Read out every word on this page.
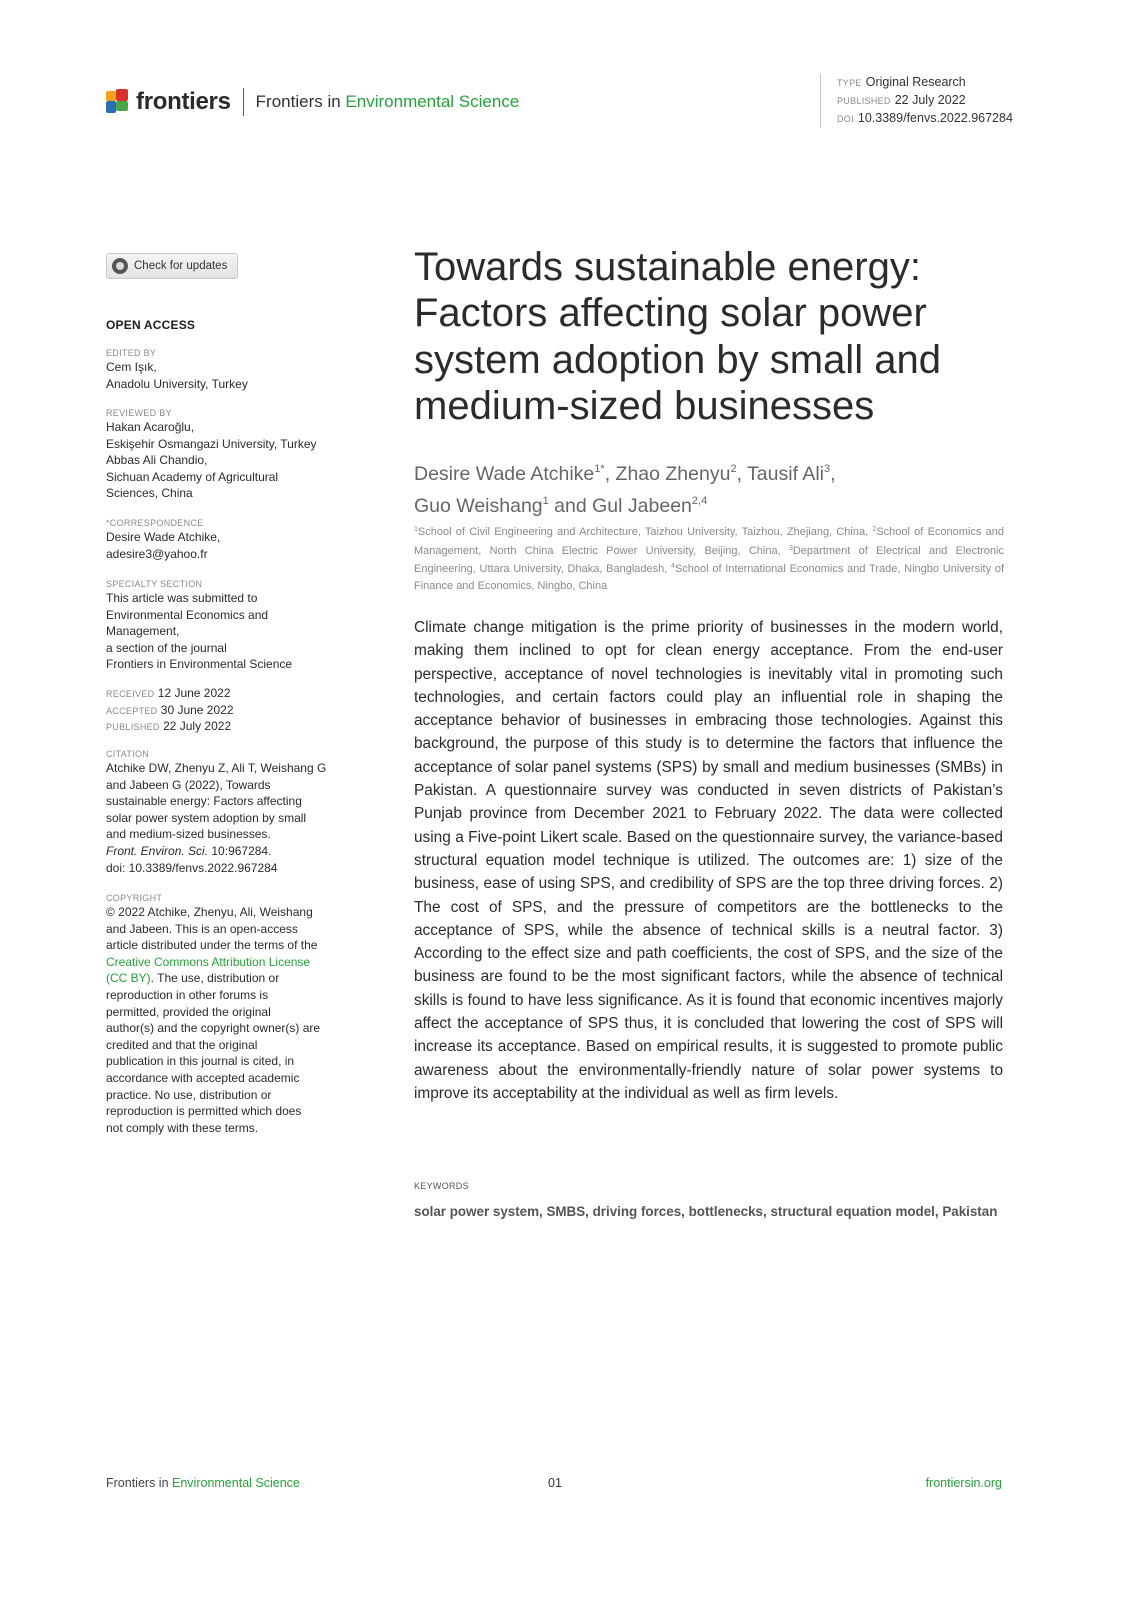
frontiers Frontiers in Environmental Science
TYPE Original Research
PUBLISHED 22 July 2022
DOI 10.3389/fenvs.2022.967284
Check for updates
OPEN ACCESS
EDITED BY

Cem Işık,

Anadolu University, Turkey

REVIEWED BY

Hakan Acaroğlu,

Eskişehir Osmangazi University, Turkey

Abbas Ali Chandio,

Sichuan Academy of Agricultural

Sciences, China

*CORRESPONDENCE

Desire Wade Atchike,

adesire3@yahoo.fr

SPECIALTY SECTION

This article was submitted to

Environmental Economics and

Management,

a section of the journal

Frontiers in Environmental Science

RECEIVED 12 June 2022

ACCEPTED 30 June 2022

PUBLISHED 22 July 2022

CITATION

Atchike DW, Zhenyu Z, Ali T, Weishang G

and Jabeen G (2022), Towards

sustainable energy: Factors affecting

solar power system adoption by small

and medium-sized businesses.

Front. Environ. Sci. 10:967284.

doi: 10.3389/fenvs.2022.967284

COPYRIGHT

© 2022 Atchike, Zhenyu, Ali, Weishang

and Jabeen. This is an open-access

article distributed under the terms of the

Creative Commons Attribution License

(CC BY). The use, distribution or

reproduction in other forums is

permitted, provided the original

author(s) and the copyright owner(s) are

credited and that the original

publication in this journal is cited, in

accordance with accepted academic

practice. No use, distribution or

reproduction is permitted which does

not comply with these terms.

Towards sustainable energy:
Factors affecting solar power
system adoption by small and
medium-sized businesses
Desire Wade Atchike$^{1*}$, Zhao Zhenyu$^2$, Tausif Ali$^3$,
Guo Weishang$^1$ and Gul Jabeen$^{2,4}$
$^1$School of Civil Engineering and Architecture, Taizhou University, Taizhou, Zhejiang, China, $^2$School of Economics and Management, North China Electric Power University, Beijing, China, $^3$Department of Electrical and Electronic Engineering, Uttara University, Dhaka, Bangladesh, $^4$School of International Economics and Trade, Ningbo University of Finance and Economics, Ningbo, China

Climate change mitigation is the prime priority of businesses in the modern world, making them inclined to opt for clean energy acceptance. From the end-user perspective, acceptance of novel technologies is inevitably vital in promoting such technologies, and certain factors could play an influential role in shaping the acceptance behavior of businesses in embracing those technologies. Against this background, the purpose of this study is to determine the factors that influence the acceptance of solar panel systems (SPS) by small and medium businesses (SMBs) in Pakistan. A questionnaire survey was conducted in seven districts of Pakistan’s Punjab province from December 2021 to February 2022. The data were collected using a Five-point Likert scale. Based on the questionnaire survey, the variance-based structural equation model technique is utilized. The outcomes are: 1) size of the business, ease of using SPS, and credibility of SPS are the top three driving forces. 2) The cost of SPS, and the pressure of competitors are the bottlenecks to the acceptance of SPS, while the absence of technical skills is a neutral factor. 3) According to the effect size and path coefficients, the cost of SPS, and the size of the business are found to be the most significant factors, while the absence of technical skills is found to have less significance. As it is found that economic incentives majorly affect the acceptance of SPS thus, it is concluded that lowering the cost of SPS will increase its acceptance. Based on empirical results, it is suggested to promote public awareness about the environmentally-friendly nature of solar power systems to improve its acceptability at the individual as well as firm levels.

KEYWORDS
solar power system, SMBS, driving forces, bottlenecks, structural equation model, Pakistan
Frontiers in Environmental Science	01	frontiersin.org
